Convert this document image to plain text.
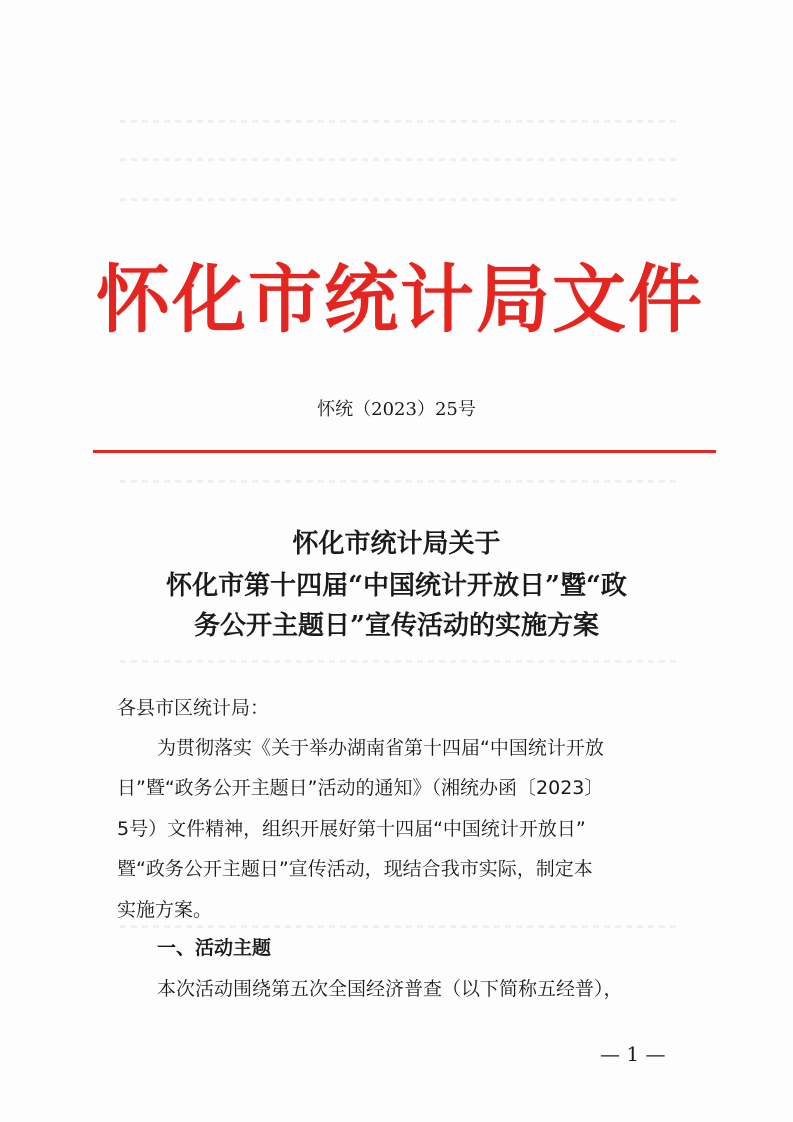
怀化市统计局文件
怀统（2023）25号
怀化市统计局关于
怀化市第十四届“中国统计开放日”暨“政
务公开主题日”宣传活动的实施方案
各县市区统计局：
为贯彻落实《关于举办湖南省第十四届“中国统计开放
日”暨“政务公开主题日”活动的通知》（湘统办函〔2023〕
5号）文件精神，组织开展好第十四届“中国统计开放日”
暨“政务公开主题日”宣传活动，现结合我市实际，制定本
实施方案。
一、活动主题
本次活动围绕第五次全国经济普查（以下简称五经普），
— 1 —
